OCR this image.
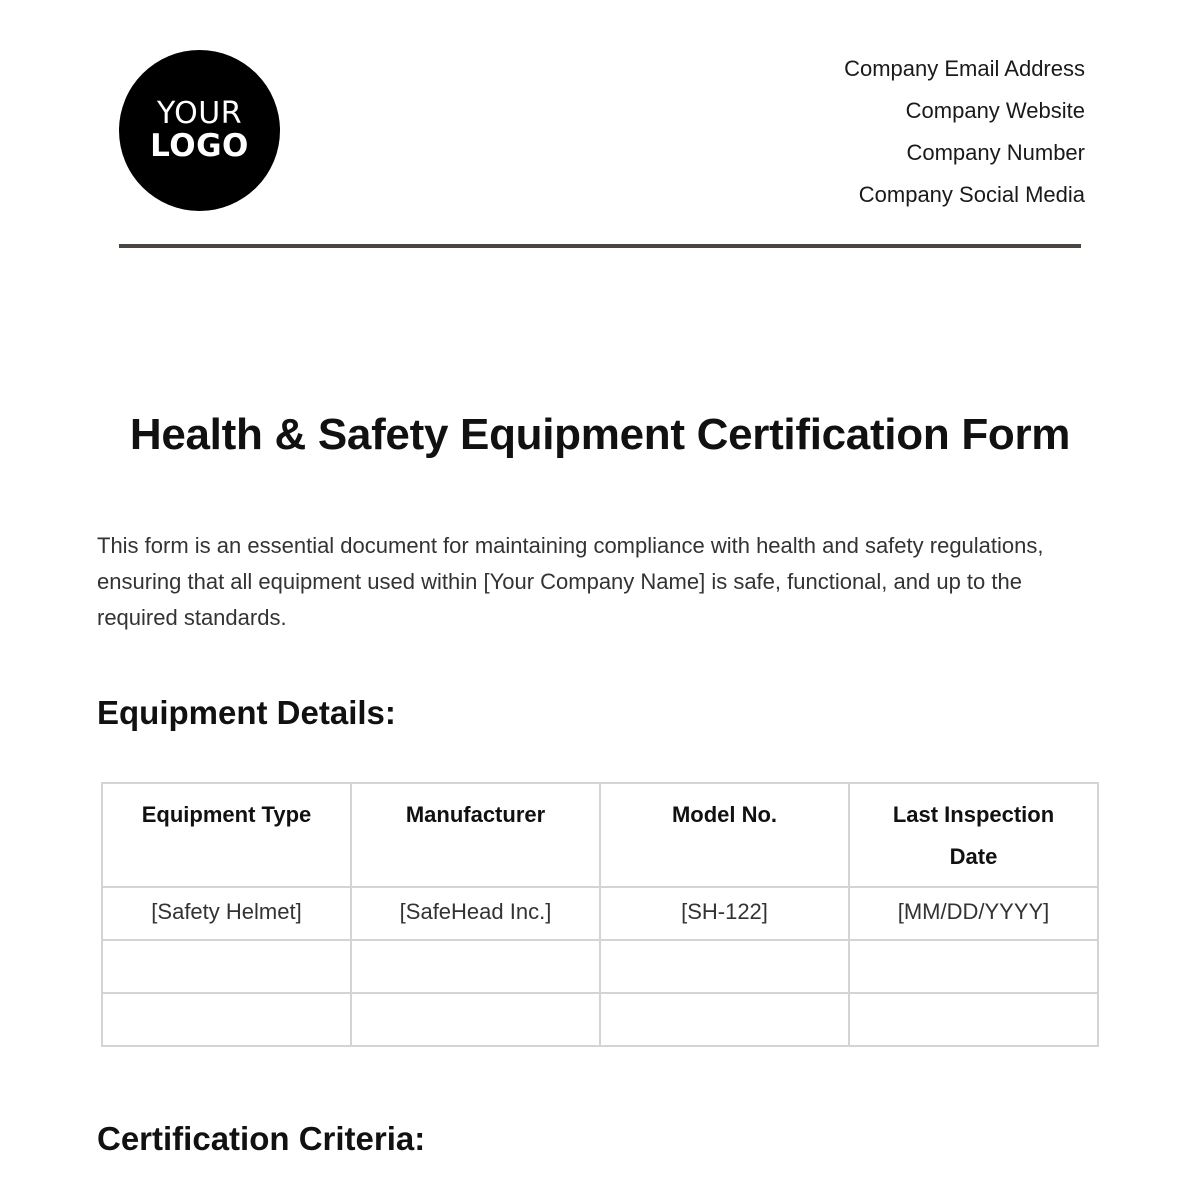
YOUR
LOGO
Company Email Address
Company Website
Company Number
Company Social Media
Health & Safety Equipment Certification Form
This form is an essential document for maintaining compliance with health and safety regulations, ensuring that all equipment used within [Your Company Name] is safe, functional, and up to the required standards.
Equipment Details:
Equipment Type	Manufacturer	Model No.	Last Inspection Date
[Safety Helmet]	[SafeHead Inc.]	[SH-122]	[MM/DD/YYYY]

Certification Criteria:
